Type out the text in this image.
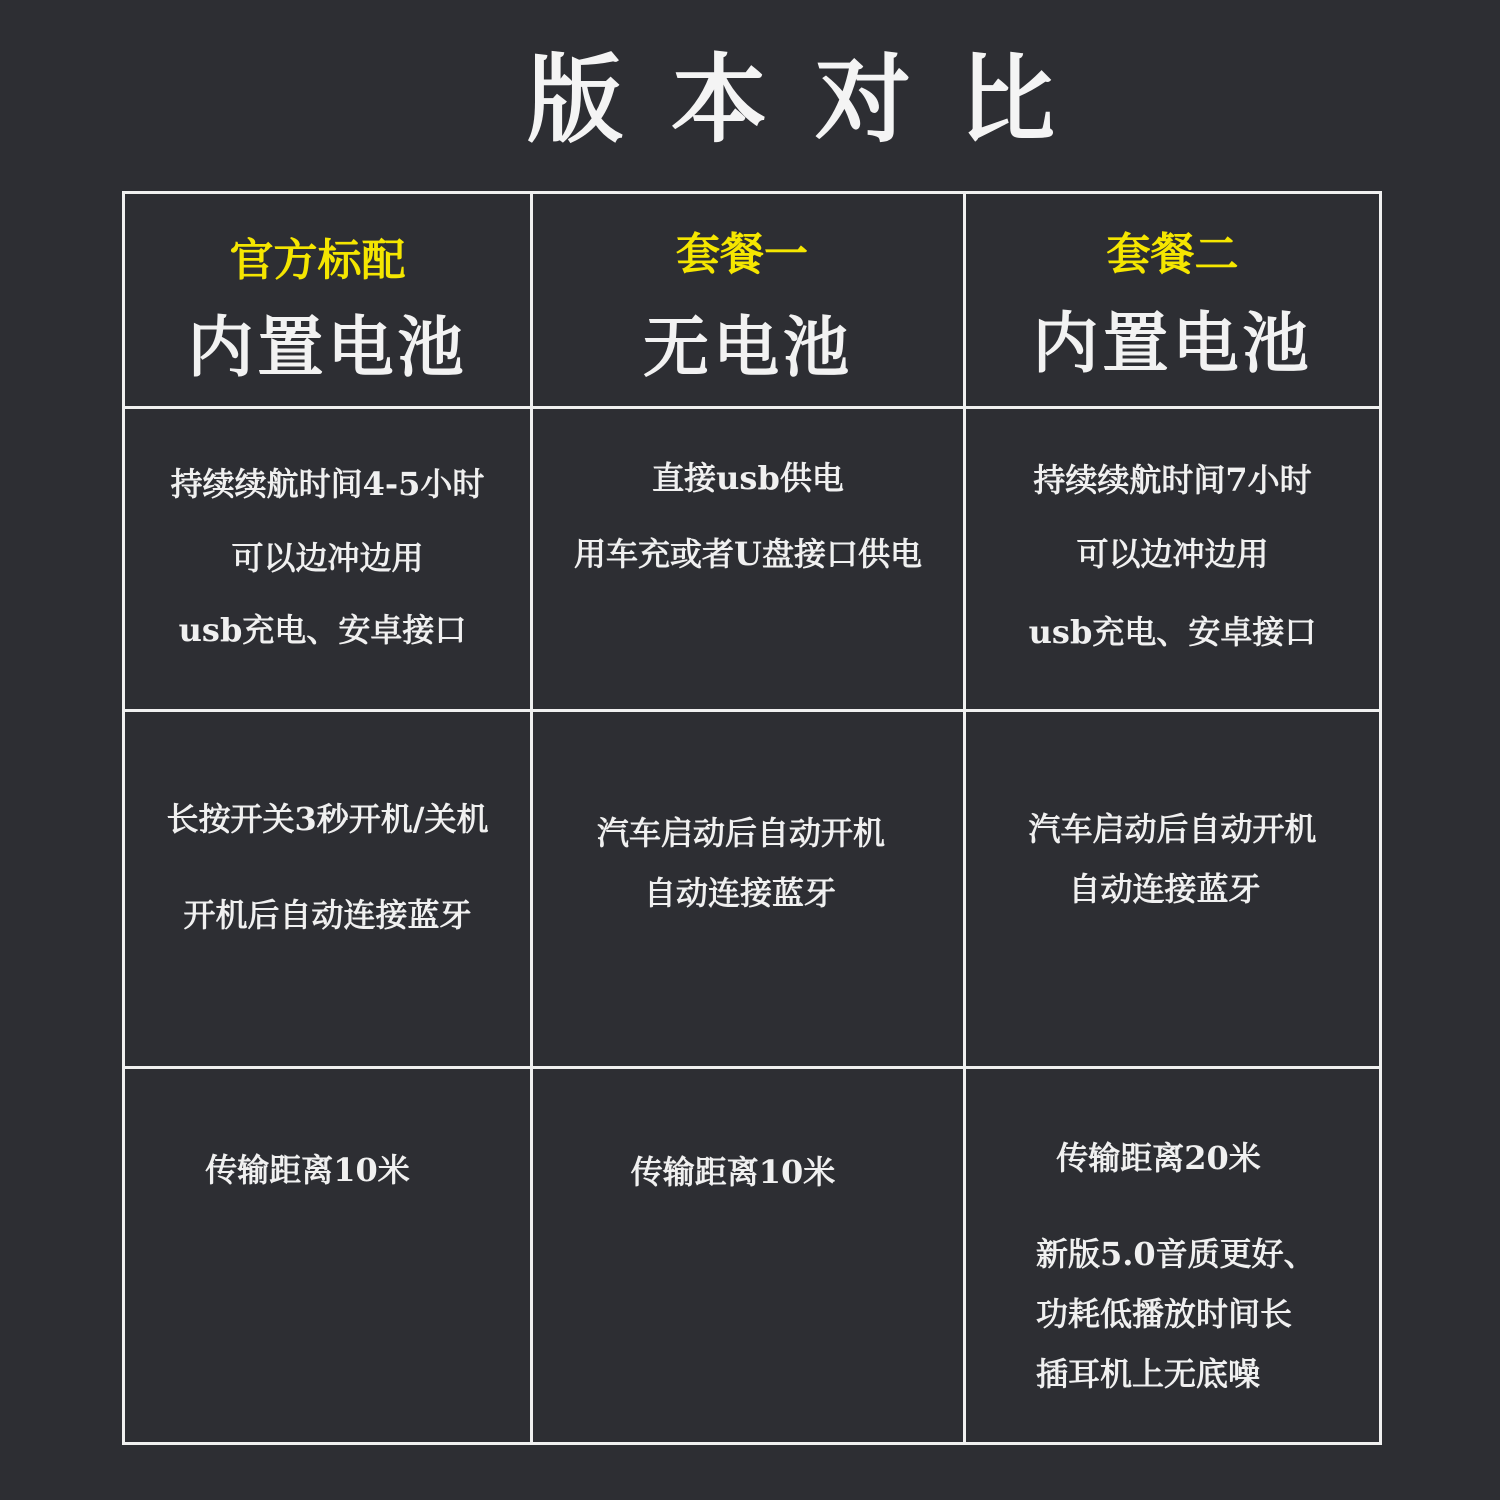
版本对比
官方标配
内置电池
套餐一
无电池
套餐二
内置电池
持续续航时间4-5小时
可以边冲边用
usb充电、安卓接口
直接usb供电
用车充或者U盘接口供电
持续续航时间7小时
可以边冲边用
usb充电、安卓接口
长按开关3秒开机/关机
开机后自动连接蓝牙
汽车启动后自动开机
自动连接蓝牙
汽车启动后自动开机
自动连接蓝牙
传输距离10米	传输距离10米	传输距离20米
新版5.0音质更好、
功耗低播放时间长
插耳机上无底噪
